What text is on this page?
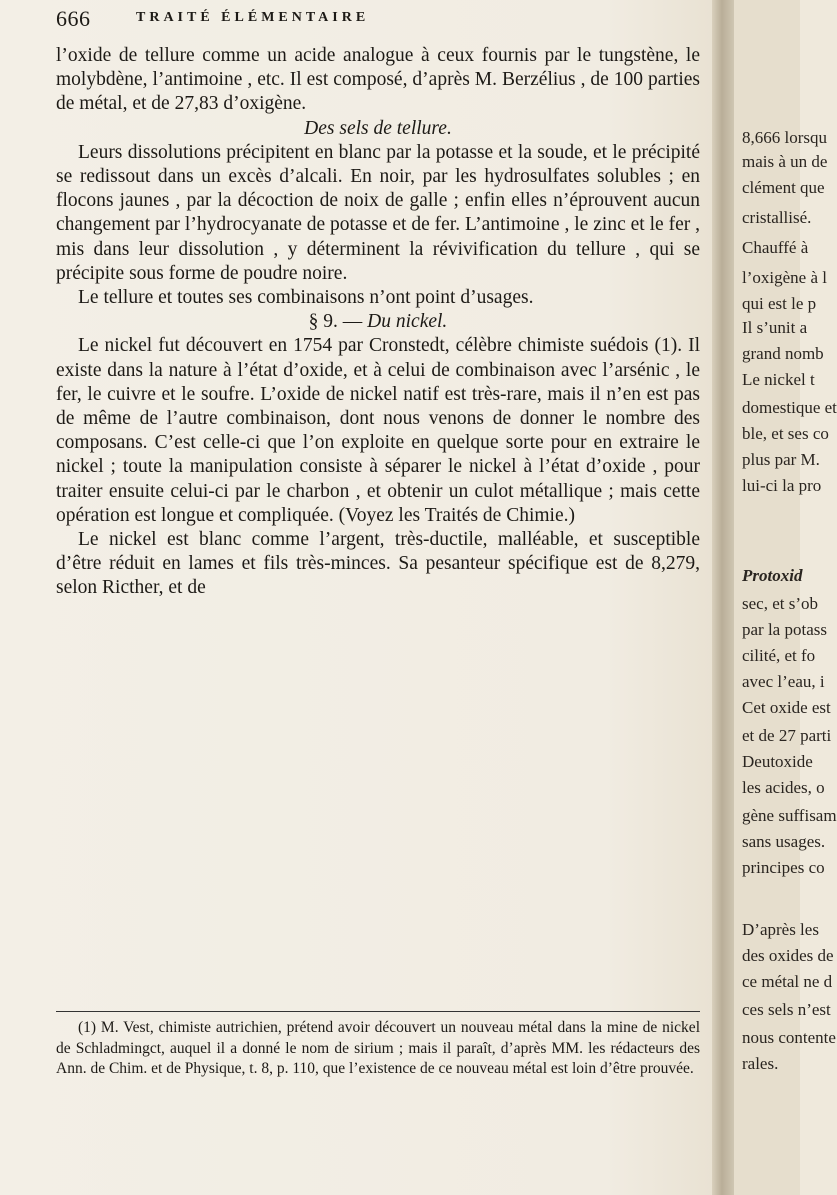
666	TRAITÉ ÉLÉMENTAIRE

l’oxide de tellure comme un acide analogue à ceux fournis par le tungstène, le molybdène, l’antimoine , etc. Il est composé, d’après M. Berzélius , de 100 parties de métal, et de 27,83 d’oxigène.

Des sels de tellure.

Leurs dissolutions précipitent en blanc par la potasse et la soude, et le précipité se redissout dans un excès d’alcali. En noir, par les hydrosulfates solubles ; en flocons jaunes , par la décoction de noix de galle ; enfin elles n’éprouvent aucun changement par l’hydrocyanate de potasse et de fer. L’antimoine , le zinc et le fer , mis dans leur dissolution , y déterminent la révivification du tellure , qui se précipite sous forme de poudre noire.

Le tellure et toutes ses combinaisons n’ont point d’usages.

§ 9. — Du nickel.

Le nickel fut découvert en 1754 par Cronstedt, célèbre chimiste suédois (1). Il existe dans la nature à l’état d’oxide, et à celui de combinaison avec l’arsénic , le fer, le cuivre et le soufre. L’oxide de nickel natif est très-rare, mais il n’en est pas de même de l’autre combinaison, dont nous venons de donner le nombre des composans. C’est celle-ci que l’on exploite en quelque sorte pour en extraire le nickel ; toute la manipulation consiste à séparer le nickel à l’état d’oxide , pour traiter ensuite celui-ci par le charbon , et obtenir un culot métallique ; mais cette opération est longue et compliquée. (Voyez les Traités de Chimie.)

Le nickel est blanc comme l’argent, très-ductile, malléable, et susceptible d’être réduit en lames et fils très-minces. Sa pesanteur spécifique est de 8,279, selon Ricther, et de

(1) M. Vest, chimiste autrichien, prétend avoir découvert un nouveau métal dans la mine de nickel de Schladmingct, auquel il a donné le nom de sirium ; mais il paraît, d’après MM. les rédacteurs des Ann. de Chim. et de Physique, t. 8, p. 110, que l’existence de ce nouveau métal est loin d’être prouvée.
8,666 lorsqu
mais à un de
clément que
cristallisé.
Chauffé à
l’oxigène à l
qui est le p
Il s’unit a
grand nomb
Le nickel t
domestique et
ble, et ses co
plus par M.
lui-ci la pro
Protoxid
sec, et s’ob
par la potass
cilité, et fo
avec l’eau, i
Cet oxide est
et de 27 parti
Deutoxide
les acides, o
gène suffisam
sans usages.
principes co
D’après les
des oxides de
ce métal ne d
ces sels n’est
nous contente
rales.
